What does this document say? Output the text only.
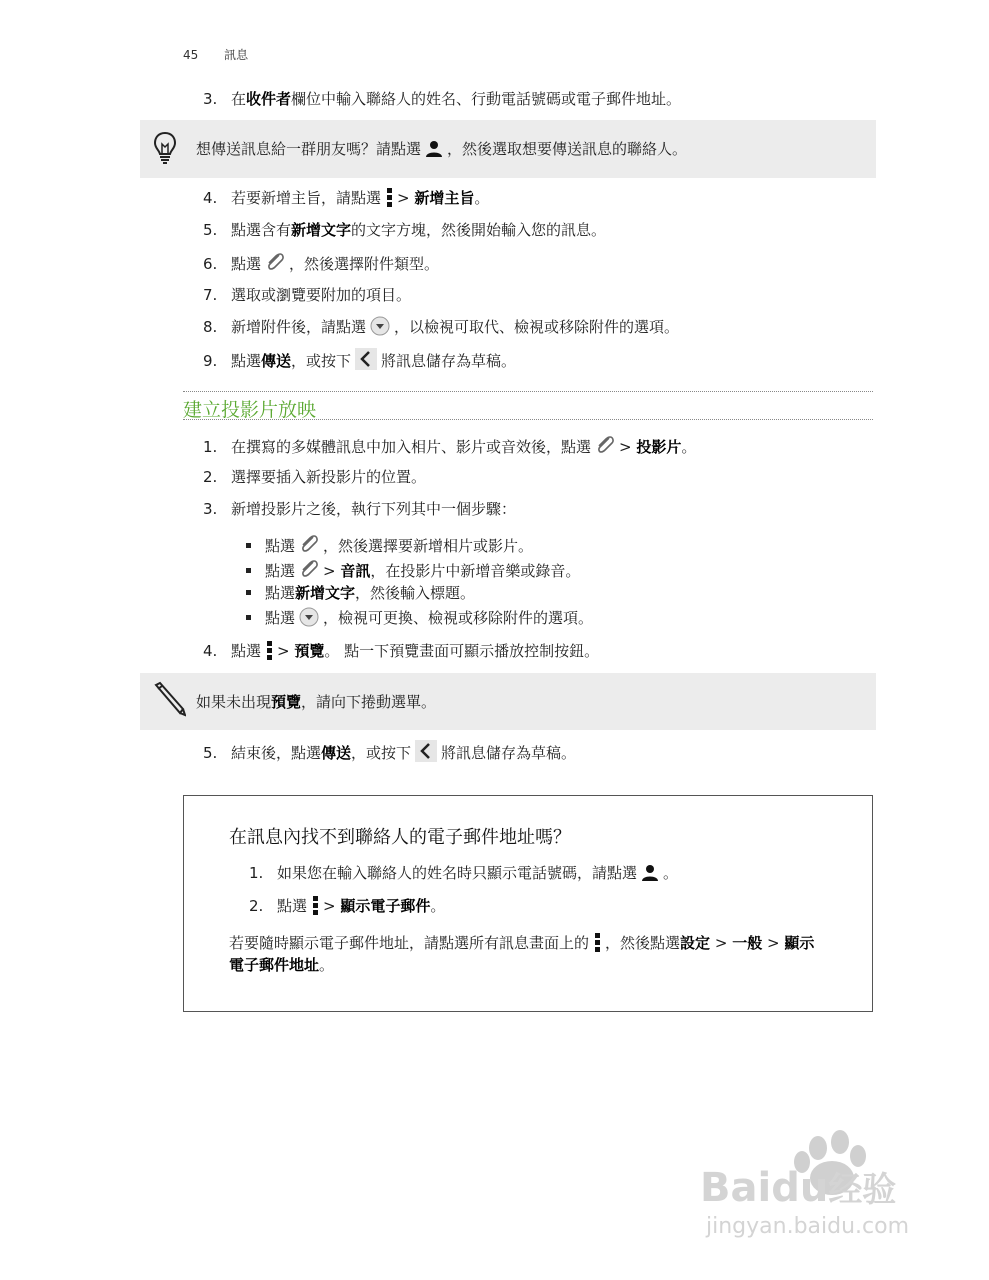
45 訊息
3. 在收件者欄位中輸入聯絡人的姓名、行動電話號碼或電子郵件地址。
想傳送訊息給一群朋友嗎？請點選 ，然後選取想要傳送訊息的聯絡人。
4. 若要新增主旨，請點選 > 新增主旨。
5. 點選含有新增文字的文字方塊，然後開始輸入您的訊息。
6. 點選 ，然後選擇附件類型。
7. 選取或瀏覽要附加的項目。
8. 新增附件後，請點選 ，以檢視可取代、檢視或移除附件的選項。
9. 點選傳送，或按下 將訊息儲存為草稿。
建立投影片放映
1. 在撰寫的多媒體訊息中加入相片、影片或音效後，點選 > 投影片。
2. 選擇要插入新投影片的位置。
3. 新增投影片之後，執行下列其中一個步驟：
點選 ，然後選擇要新增相片或影片。
點選 > 音訊，在投影片中新增音樂或錄音。
點選新增文字，然後輸入標題。
點選 ，檢視可更換、檢視或移除附件的選項。
4. 點選 > 預覽。 點一下預覽畫面可顯示播放控制按鈕。
如果未出現預覽，請向下捲動選單。
5. 結束後，點選傳送，或按下 將訊息儲存為草稿。
在訊息內找不到聯絡人的電子郵件地址嗎？
1. 如果您在輸入聯絡人的姓名時只顯示電話號碼，請點選 。
2. 點選 > 顯示電子郵件。
若要隨時顯示電子郵件地址，請點選所有訊息畫面上的 ，然後點選設定 > 一般 > 顯示
電子郵件地址。
Baidu经验
jingyan.baidu.com
